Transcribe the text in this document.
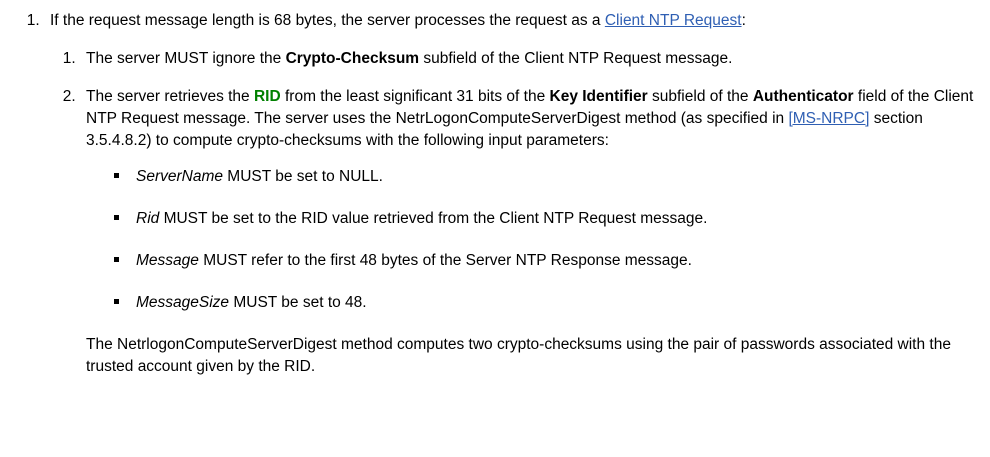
1. If the request message length is 68 bytes, the server processes the request as a Client NTP Request:
1. The server MUST ignore the Crypto-Checksum subfield of the Client NTP Request message.
2. The server retrieves the RID from the least significant 31 bits of the Key Identifier subfield of the Authenticator field of the Client NTP Request message. The server uses the NetrLogonComputeServerDigest method (as specified in [MS-NRPC] section 3.5.4.8.2) to compute crypto-checksums with the following input parameters:
ServerName MUST be set to NULL.
Rid MUST be set to the RID value retrieved from the Client NTP Request message.
Message MUST refer to the first 48 bytes of the Server NTP Response message.
MessageSize MUST be set to 48.

The NetrlogonComputeServerDigest method computes two crypto-checksums using the pair of passwords associated with the trusted account given by the RID.
